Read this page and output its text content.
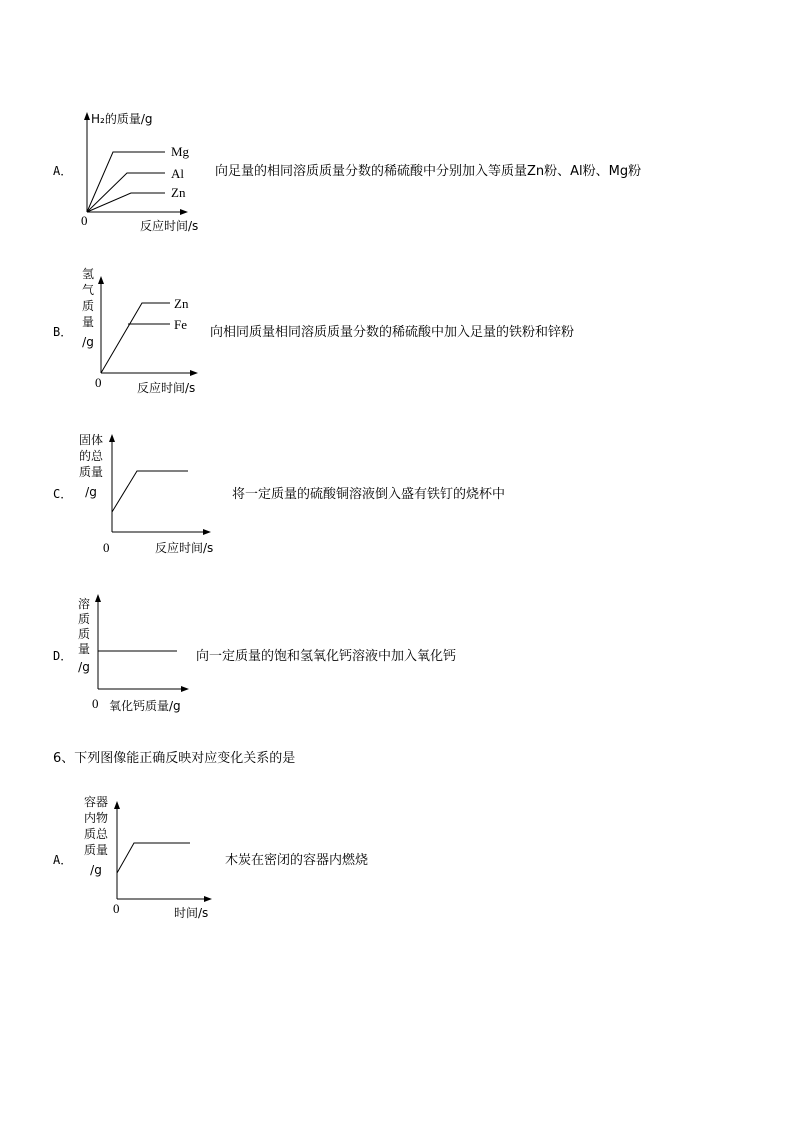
A．
H₂的质量/g
Mg
Al
Zn
0	反应时间/s
向足量的相同溶质质量分数的稀硫酸中分别加入等质量Zn粉、Al粉、Mg粉
B．
氢
气
质
量
/g
Zn
Fe
0	反应时间/s
向相同质量相同溶质质量分数的稀硫酸中加入足量的铁粉和锌粉
C．
固体
的总
质量
/g
0	反应时间/s
将一定质量的硫酸铜溶液倒入盛有铁钉的烧杯中
D．
溶
质
质
量
/g
0 氧化钙质量/g
向一定质量的饱和氢氧化钙溶液中加入氧化钙
6、下列图像能正确反映对应变化关系的是
A．
容器
内物
质总
质量
/g
0	时间/s
木炭在密闭的容器内燃烧
